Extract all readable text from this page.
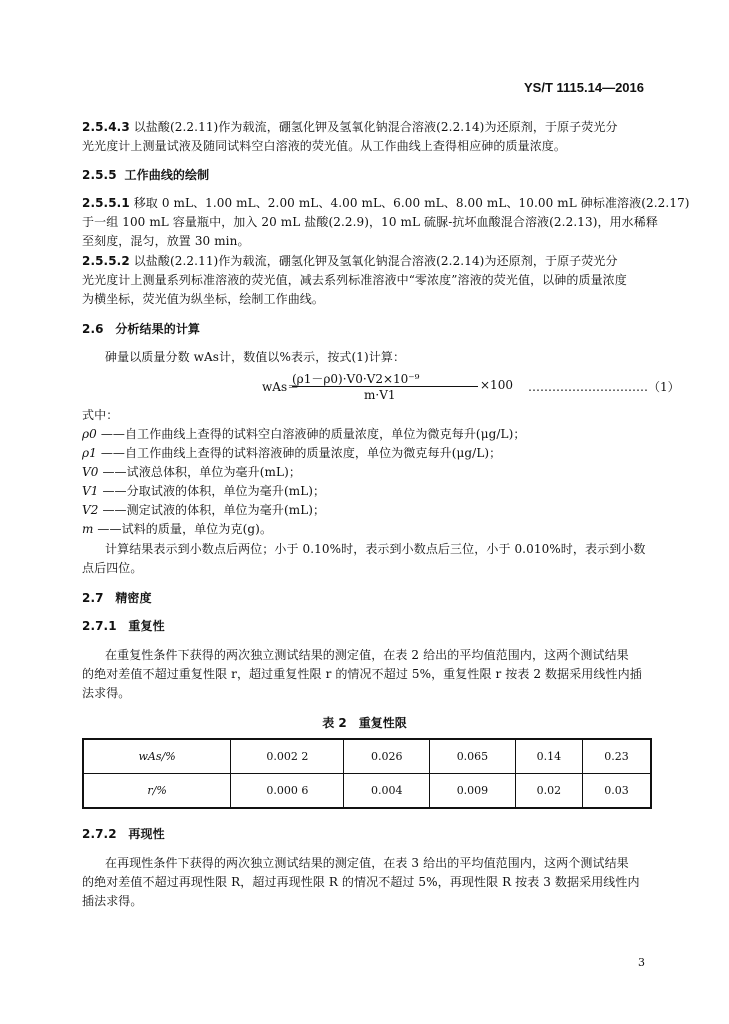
YS/T 1115.14—2016
2.5.4.3 以盐酸(2.2.11)作为载流，硼氢化钾及氢氧化钠混合溶液(2.2.14)为还原剂，于原子荧光分
光光度计上测量试液及随同试料空白溶液的荧光值。从工作曲线上查得相应砷的质量浓度。
2.5.5 工作曲线的绘制
2.5.5.1 移取 0 mL、1.00 mL、2.00 mL、4.00 mL、6.00 mL、8.00 mL、10.00 mL 砷标准溶液(2.2.17)
于一组 100 mL 容量瓶中，加入 20 mL 盐酸(2.2.9)，10 mL 硫脲-抗坏血酸混合溶液(2.2.13)，用水稀释
至刻度，混匀，放置 30 min。
2.5.5.2 以盐酸(2.2.11)作为载流，硼氢化钾及氢氧化钠混合溶液(2.2.14)为还原剂，于原子荧光分
光光度计上测量系列标准溶液的荧光值，减去系列标准溶液中“零浓度”溶液的荧光值，以砷的质量浓度
为横坐标，荧光值为纵坐标，绘制工作曲线。
2.6 分析结果的计算
砷量以质量分数 wAs计，数值以%表示，按式(1)计算：
wAs＝
(ρ1－ρ0)·V0·V2×10⁻⁹
m·V1
×100 …………………………（1）
式中：
ρ0 ——自工作曲线上查得的试料空白溶液砷的质量浓度，单位为微克每升(μg/L)；
ρ1 ——自工作曲线上查得的试料溶液砷的质量浓度，单位为微克每升(μg/L)；
V0 ——试液总体积，单位为毫升(mL)；
V1 ——分取试液的体积，单位为毫升(mL)；
V2 ——测定试液的体积，单位为毫升(mL)；
m ——试料的质量，单位为克(g)。
计算结果表示到小数点后两位；小于 0.10%时，表示到小数点后三位，小于 0.010%时，表示到小数
点后四位。
2.7 精密度
2.7.1 重复性
在重复性条件下获得的两次独立测试结果的测定值，在表 2 给出的平均值范围内，这两个测试结果
的绝对差值不超过重复性限 r，超过重复性限 r 的情况不超过 5%，重复性限 r 按表 2 数据采用线性内插
法求得。
表 2　重复性限
wAs/%	0.002 2	0.026	0.065	0.14	0.23
r/%	0.000 6	0.004	0.009	0.02	0.03
2.7.2 再现性
在再现性条件下获得的两次独立测试结果的测定值，在表 3 给出的平均值范围内，这两个测试结果
的绝对差值不超过再现性限 R，超过再现性限 R 的情况不超过 5%，再现性限 R 按表 3 数据采用线性内
插法求得。
3
